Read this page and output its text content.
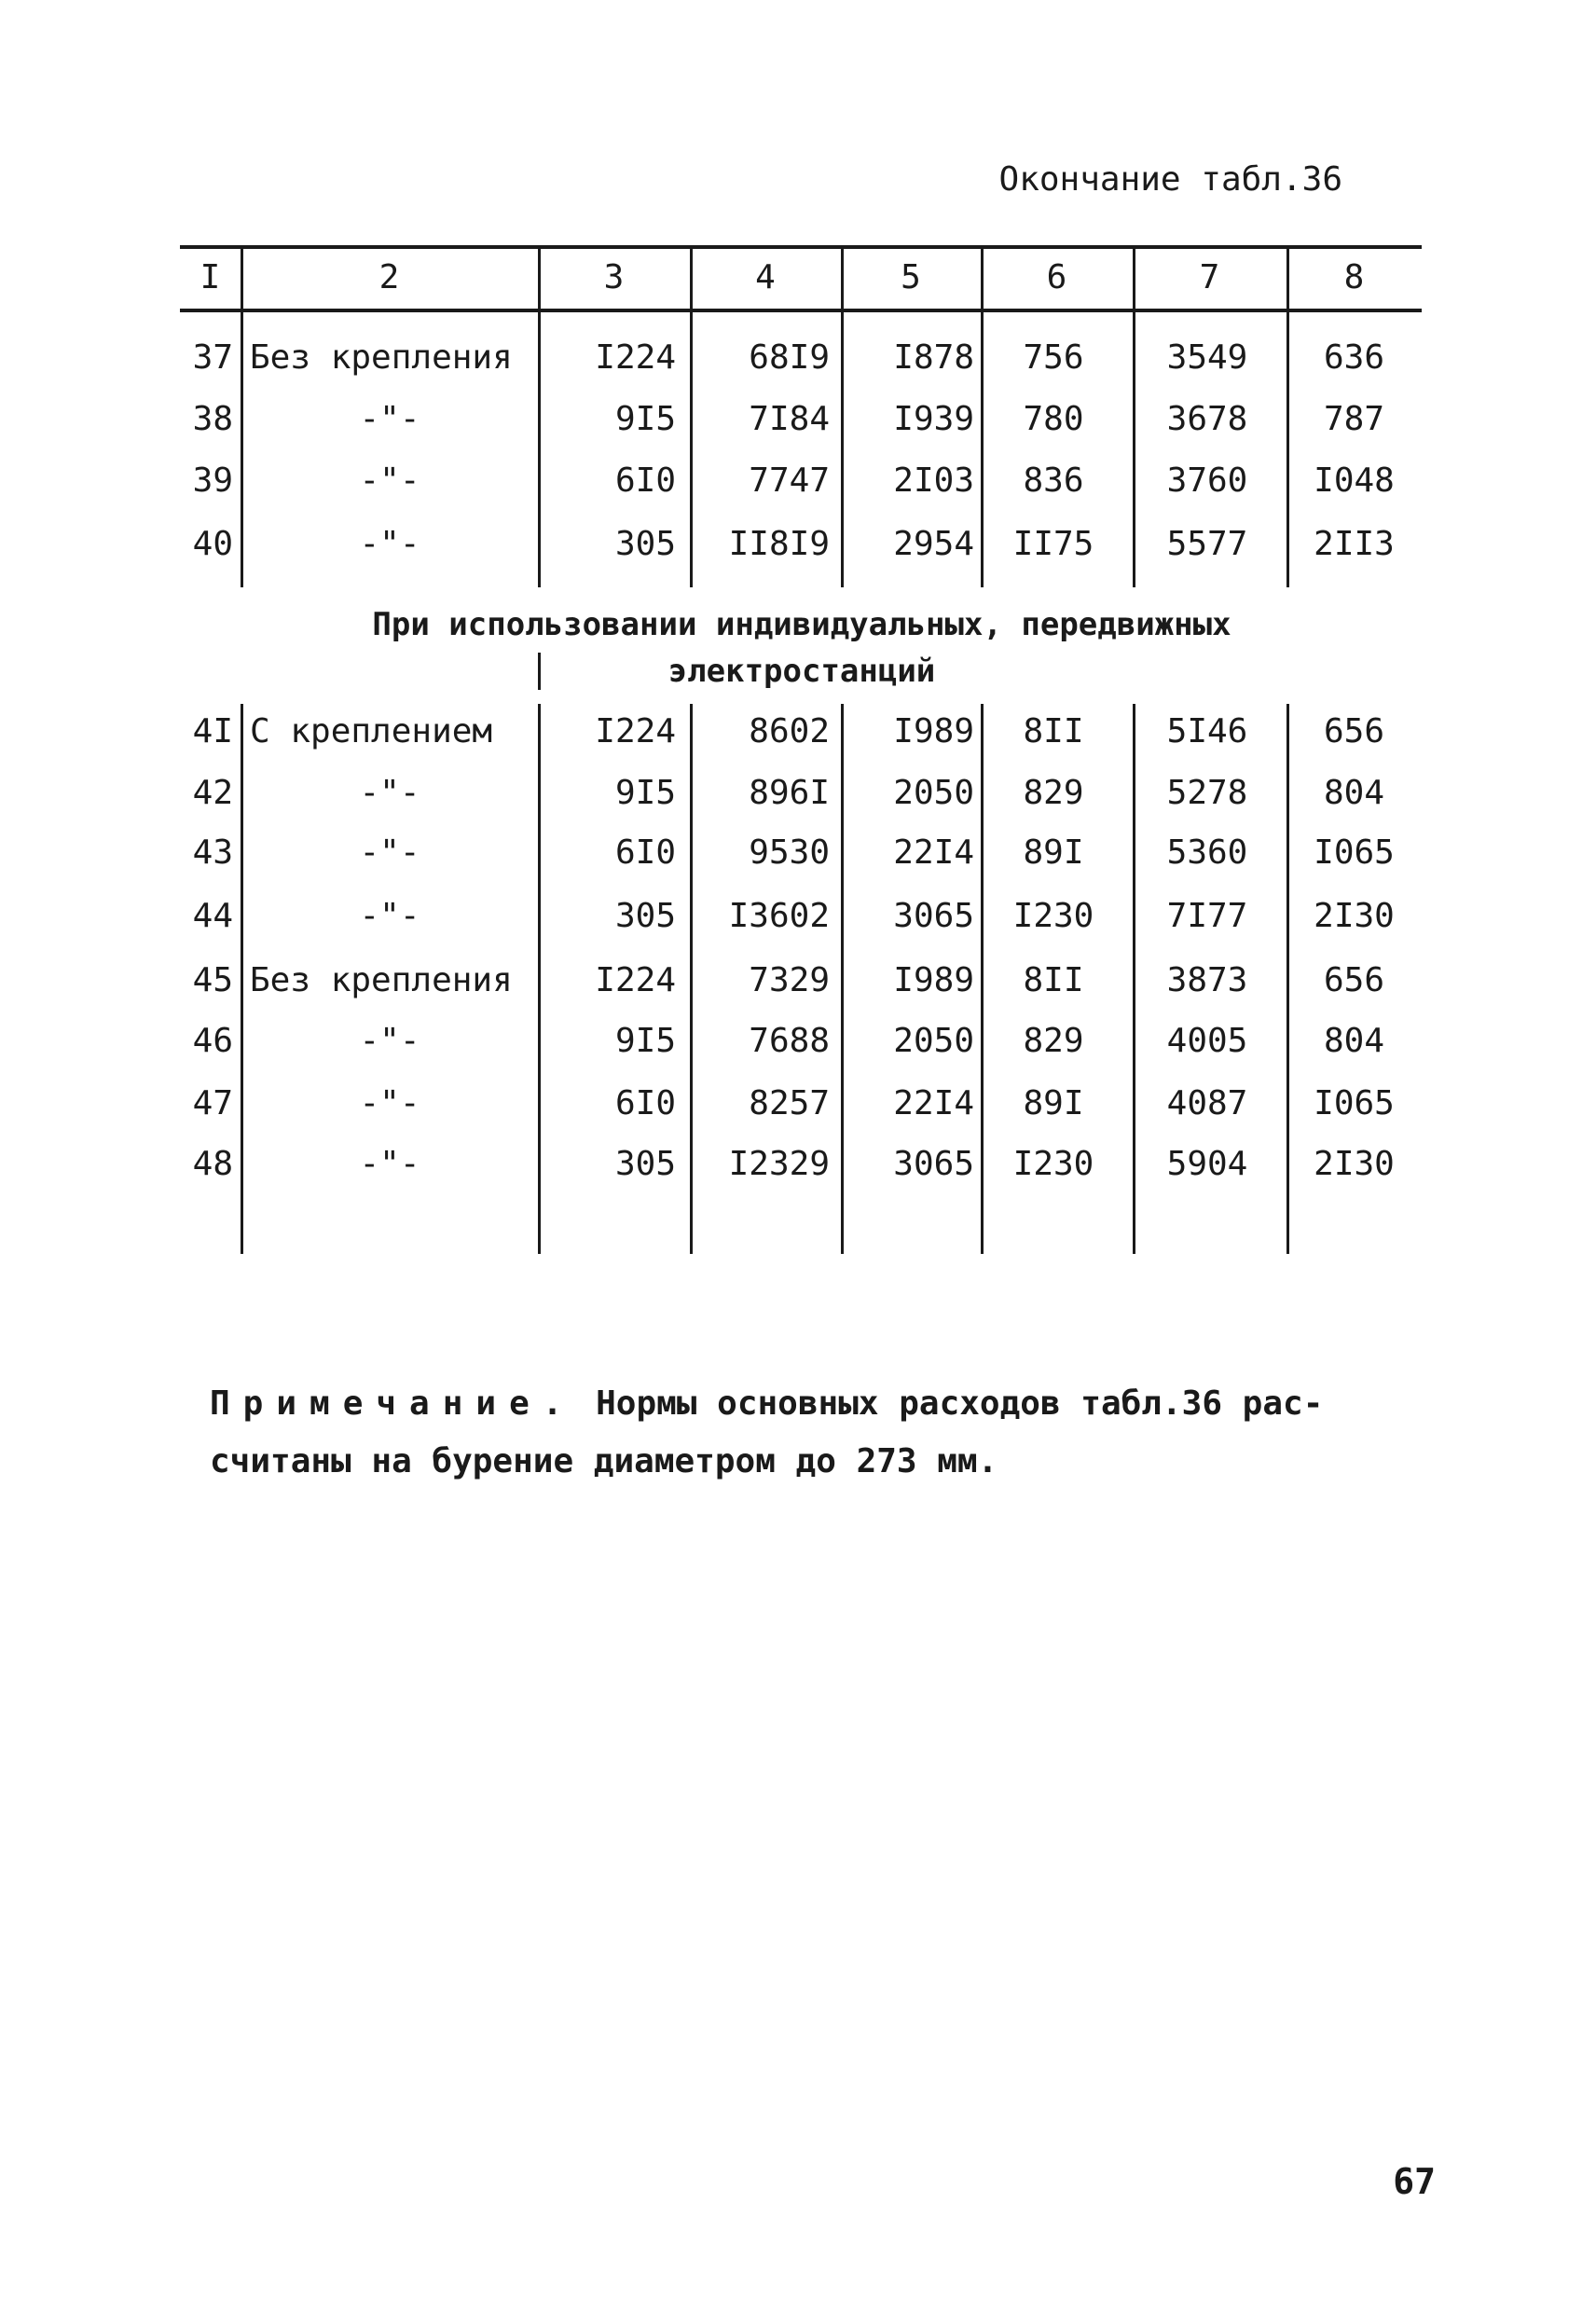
Окончание табл.36
При использовании индивидуальных, передвижных
электростанций
Примечание. Нормы основных расходов табл.36 рас-
считаны на бурение диаметром до 273 мм.
67
I	2	3	4	5	6	7	8
37 Без крепления	I224	68I9	I878	756	3549	636
38	-"-	9I5	7I84	I939	780	3678	787
39	-"-	6I0	7747	2I03	836	3760	I048
40	-"-	305	II8I9	2954	II75	5577	2II3
4I С креплением	I224	8602	I989	8II	5I46	656
42	-"-	9I5	896I	2050	829	5278	804
43	-"-	6I0	9530	22I4	89I	5360	I065
44	-"-	305	I3602	3065	I230	7I77	2I30
45 Без крепления	I224	7329	I989	8II	3873	656
46	-"-	9I5	7688	2050	829	4005	804
47	-"-	6I0	8257	22I4	89I	4087	I065
48	-"-	305	I2329	3065	I230	5904	2I30
